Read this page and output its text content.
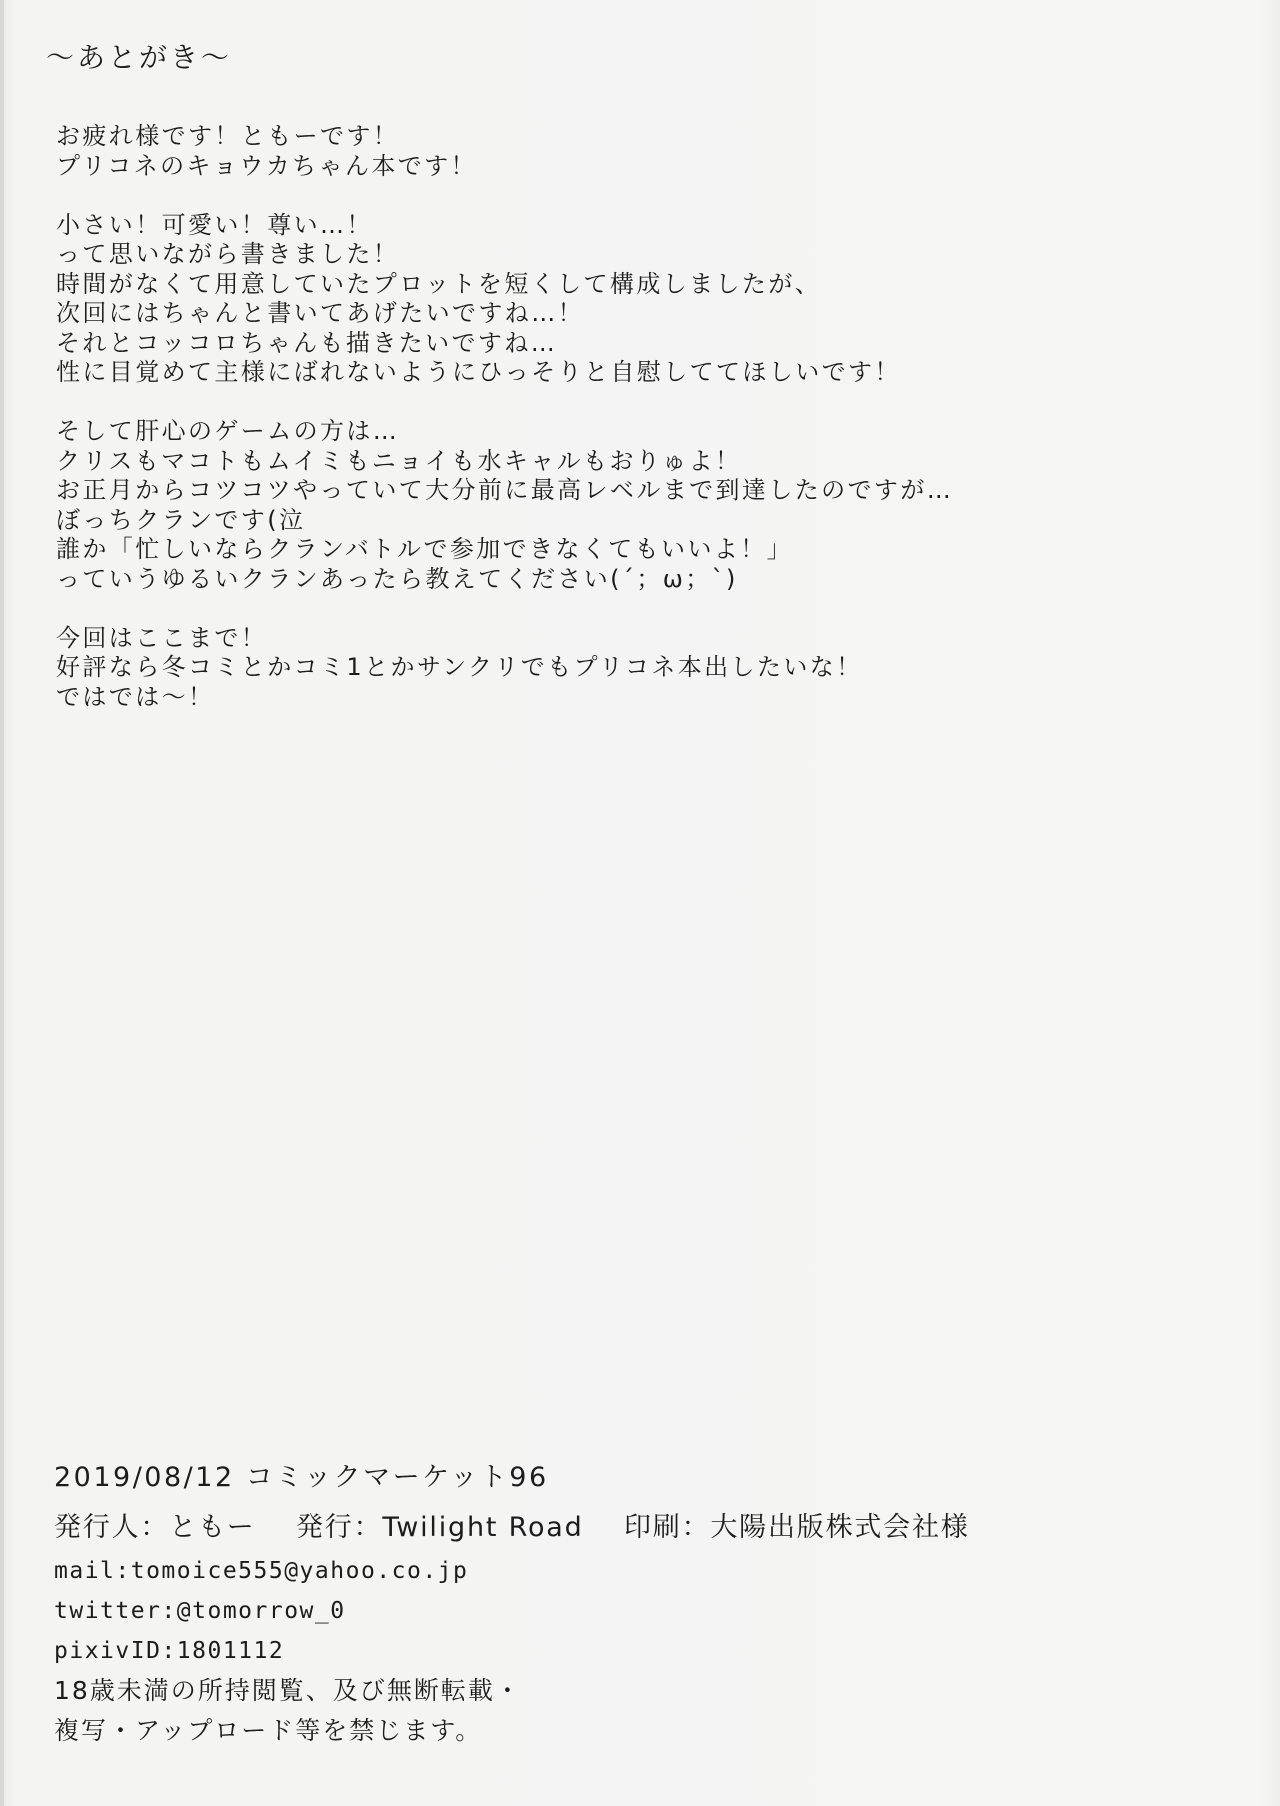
～あとがき～
お疲れ様です！ともーです！
プリコネのキョウカちゃん本です！
小さい！可愛い！尊い…！
って思いながら書きました！
時間がなくて用意していたプロットを短くして構成しましたが、
次回にはちゃんと書いてあげたいですね…！
それとコッコロちゃんも描きたいですね…
性に目覚めて主様にばれないようにひっそりと自慰しててほしいです！
そして肝心のゲームの方は…
クリスもマコトもムイミもニョイも水キャルもおりゅよ！
お正月からコツコツやっていて大分前に最高レベルまで到達したのですが…
ぼっちクランです(泣
誰か「忙しいならクランバトルで参加できなくてもいいよ！」
っていうゆるいクランあったら教えてください(´；ω；`)
今回はここまで！
好評なら冬コミとかコミ1とかサンクリでもプリコネ本出したいな！
ではでは～！
2019/08/12 コミックマーケット96
発行人：ともー 発行：Twilight Road 印刷：大陽出版株式会社様
mail:tomoice555@yahoo.co.jp
twitter:@tomorrow_0
pixivID:1801112
18歳未満の所持閲覧、及び無断転載・
複写・アップロード等を禁じます。
